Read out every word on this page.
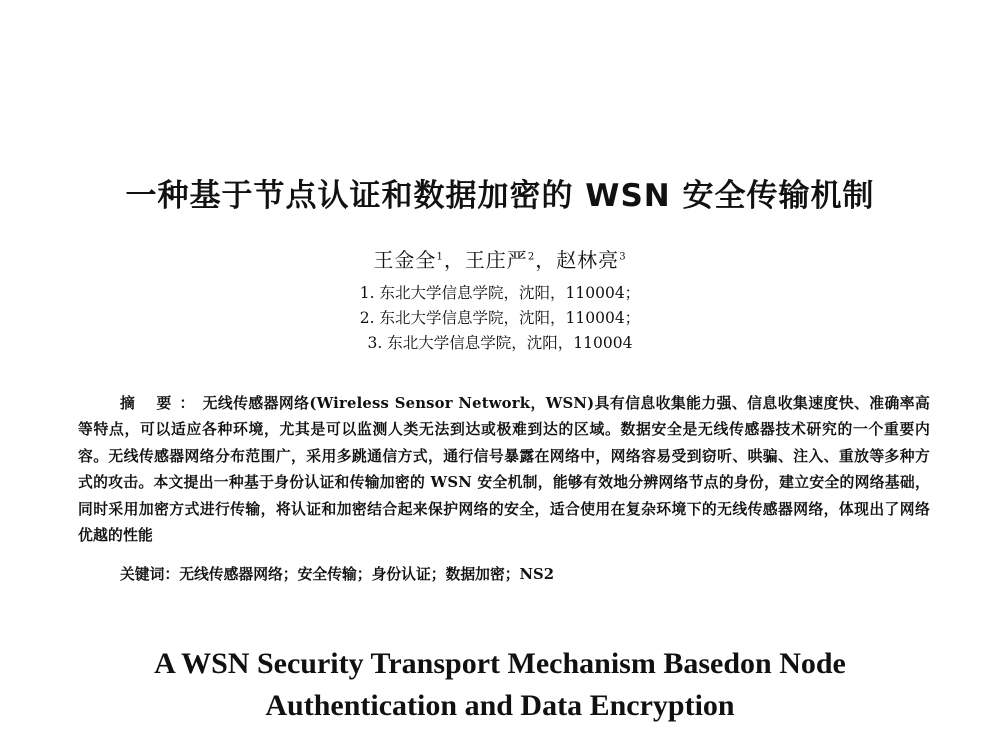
一种基于节点认证和数据加密的 WSN 安全传输机制
王金全$^1$，王庄严$^2$，赵林亮$^3$
1. 东北大学信息学院，沈阳，110004；
2. 东北大学信息学院，沈阳，110004；
3. 东北大学信息学院，沈阳，110004
摘 要：无线传感器网络(Wireless Sensor Network，WSN)具有信息收集能力强、信息收集速度快、准确率高等特点，可以适应各种环境，尤其是可以监测人类无法到达或极难到达的区域。数据安全是无线传感器技术研究的一个重要内容。无线传感器网络分布范围广，采用多跳通信方式，通行信号暴露在网络中，网络容易受到窃听、哄骗、注入、重放等多种方式的攻击。本文提出一种基于身份认证和传输加密的 WSN 安全机制，能够有效地分辨网络节点的身份，建立安全的网络基础，同时采用加密方式进行传输，将认证和加密结合起来保护网络的安全，适合使用在复杂环境下的无线传感器网络，体现出了网络优越的性能
关键词：无线传感器网络；安全传输；身份认证；数据加密；NS2
A WSN Security Transport Mechanism Basedon Node
Authentication and Data Encryption
